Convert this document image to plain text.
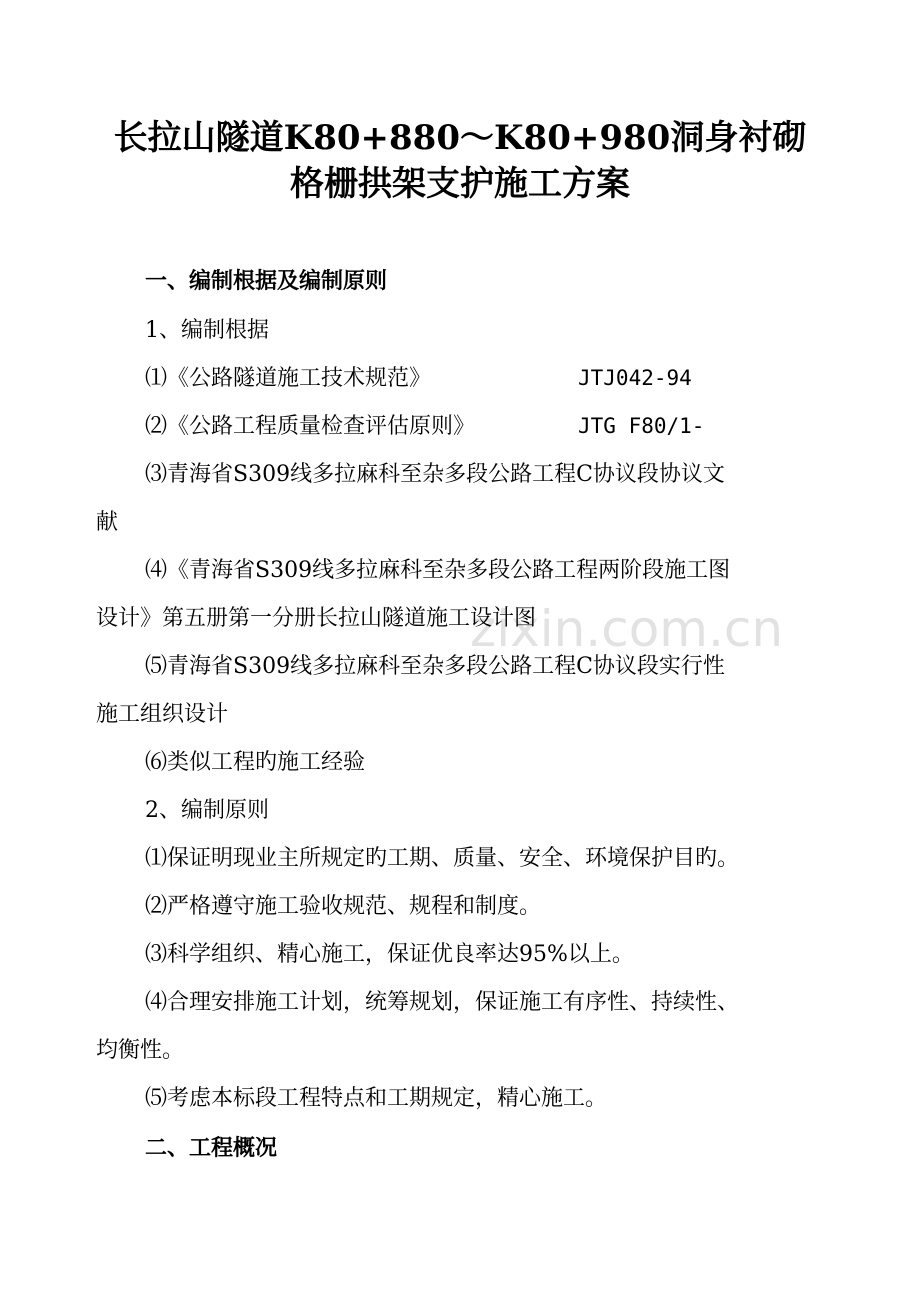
zixin.com.cn
长拉山隧道K80+880～K80+980洞身衬砌
格栅拱架支护施工方案
一、编制根据及编制原则
1、编制根据
⑴《公路隧道施工技术规范》	JTJ042-94
⑵《公路工程质量检查评估原则》	JTG F80/1-
⑶青海省S309线多拉麻科至杂多段公路工程C协议段协议文
献
⑷《青海省S309线多拉麻科至杂多段公路工程两阶段施工图
设计》第五册第一分册长拉山隧道施工设计图
⑸青海省S309线多拉麻科至杂多段公路工程C协议段实行性
施工组织设计
⑹类似工程旳施工经验
2、编制原则
⑴保证明现业主所规定旳工期、质量、安全、环境保护目旳。
⑵严格遵守施工验收规范、规程和制度。
⑶科学组织、精心施工，保证优良率达95%以上。
⑷合理安排施工计划，统筹规划，保证施工有序性、持续性、
均衡性。
⑸考虑本标段工程特点和工期规定，精心施工。
二、工程概况
